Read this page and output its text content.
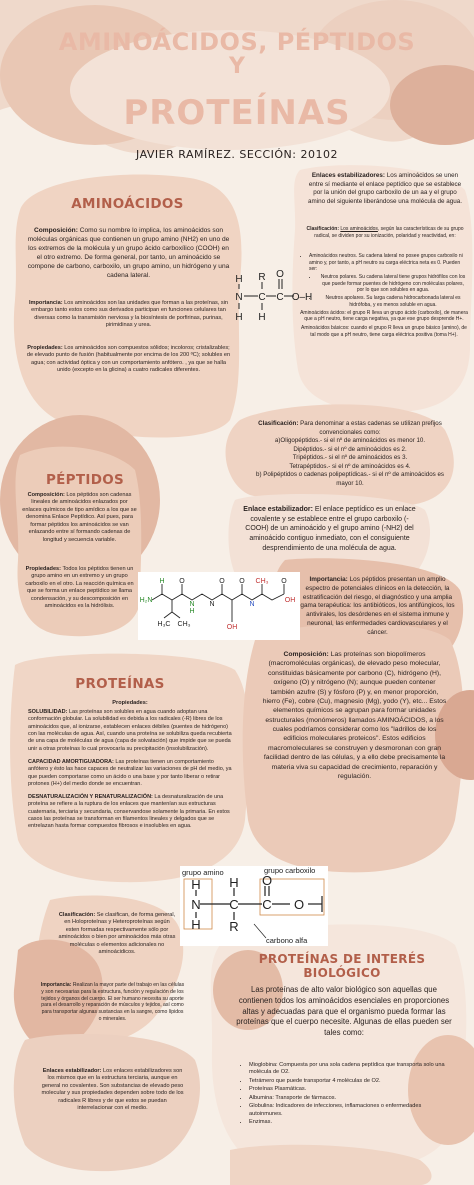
AMINOÁCIDOS, PÉPTIDOS
Y
PROTEÍNAS
JAVIER RAMÍREZ. SECCIÓN: 20102
AMINOÁCIDOS
Composición: Como su nombre lo implica, los aminoácidos son moléculas orgánicas que contienen un grupo amino (NH2) en uno de los extremos de la molécula y un grupo ácido carboxílico (COOH) en el otro extremo. De forma general, por tanto, un aminoácido se compone de carbono, carboxilo, un grupo amino, un hidrógeno y una cadena lateral.
Importancia: Los aminoácidos son las unidades que forman a las proteínas, sin embargo tanto estos como sus derivados participan en funciones celulares tan diversas como la transmisión nerviosa y la biosíntesis de porfirinas, purinas, pirimidinas y urea.
Propiedades: Los aminoácidos son compuestos sólidos; incoloros; cristalizables; de elevado punto de fusión (habitualmente por encima de los 200 ºC); solubles en agua; con actividad óptica y con un comportamiento anfótero. , ya que se halla unido (excepto en la glicina) a cuatro radicales diferentes.
H
N
H
C
R
H
C
O
O–H
Enlaces estabilizadores: Los aminoácidos se unen entre sí mediante el enlace peptídico que se establece por la unión del grupo carboxilo de un aa y el grupo amino del siguiente liberándose una molécula de agua.
Clasificación: Los aminoácidos, según las características de su grupo radical, se dividen por su ionización, polaridad y reactividad, en:
• Aminoácidos neutros. Su cadena lateral no posee grupos carboxilo ni amino y, por tanto, a pH neutro su carga eléctrica neta es 0. Pueden ser:
• Neutros polares. Su cadena lateral tiene grupos hidrófilos con los que puede formar puentes de hidrógeno con moléculas polares, por lo que son solubles en agua.
• Neutros apolares. Su larga cadena hidrocarbonada lateral es hidrófoba, y es menos soluble en agua.
Aminoácidos ácidos: el grupo R lleva un grupo ácido (carboxilo), de manera que a pH neutro, tiene carga negativa, ya que ese grupo desprende H+.
Aminoácidos básicos: cuando el grupo R lleva un grupo básico (amino), de tal modo que a pH neutro, tiene carga eléctrica positiva (toma H+).
Clasificación: Para denominar a estas cadenas se utilizan prefijos convencionales como:
a)Oligopéptidos.- si el nº de aminoácidos es menor 10.
Dipéptidos.- si el nº de aminoácidos es 2.
Tripéptidos.- si el nº de aminoácidos es 3.
Tetrapéptidos.- si el nº de aminoácidos es 4.
b) Polipéptidos o cadenas polipeptídicas.- si el nº de aminoácidos es mayor 10.
PÉPTIDOS
Composición: Los péptidos son cadenas lineales de aminoácidos enlazados por enlaces químicos de tipo amídico a los que se denomina Enlace Peptídico. Así pues, para formar péptidos los aminoácidos se van enlazando entre sí formando cadenas de longitud y secuencia variable.
Enlace estabilizador: El enlace peptídico es un enlace covalente y se establece entre el grupo carboxilo (-COOH) de un aminoácido y el grupo amino (-NH2) del aminoácido contiguo inmediato, con el consiguiente desprendimiento de una molécula de agua.
Propiedades: Todos los péptidos tienen un grupo amino en un extremo y un grupo carboxilo en el otro. La reacción química en que se forma un enlace peptídico se llama condensación, y su descomposición en aminoácidos es la hidrólisis.
H₂N
H O
N
H
O
N
OH
O
N
CH₃ O
OH
H₃C CH₃
Importancia: Los péptidos presentan un amplio espectro de potenciales clínicos en la detección, la estratificación del riesgo, el diagnóstico y una amplia gama terapéutica: los antibióticos, los antifúngicos, los antivirales, los desórdenes en el sistema inmune y neuronal, las enfermedades cardiovasculares y el cáncer.
PROTEÍNAS
Propiedades:
SOLUBILIDAD: Las proteínas son solubles en agua cuando adoptan una conformación globular. La solubilidad es debida a los radicales (-R) libres de los aminoácidos que, al ionizarse, establecen enlaces débiles (puentes de hidrógeno) con las moléculas de agua. Así, cuando una proteína se solubiliza queda recubierta de una capa de moléculas de agua (capa de solvatación) que impide que se pueda unir a otras proteínas lo cual provocaría su precipitación (insolubilización).
CAPACIDAD AMORTIGUADORA: Las proteínas tienen un comportamiento anfótero y ésto las hace capaces de neutralizar las variaciones de pH del medio, ya que pueden comportarse como un ácido o una base y por tanto liberar o retirar protones (H+) del medio donde se encuentran.
DESNATURALIZACIÓN Y RENATURALIZACIÓN: La desnaturalización de una proteína se refiere a la ruptura de los enlaces que mantenían sus estructuras cuaternaria, terciaria y secundaria, conservandose solamente la primaria. En estos casos las proteínas se transforman en filamentos lineales y delgados que se entrelazan hasta formar compuestos fibrosos e insolubles en agua.
Composición: Las proteínas son biopolímeros (macromoléculas orgánicas), de elevado peso molecular, constituidas básicamente por carbono (C), hidrógeno (H), oxígeno (O) y nitrógeno (N); aunque pueden contener también azufre (S) y fósforo (P) y, en menor proporción, hierro (Fe), cobre (Cu), magnesio (Mg), yodo (Y), etc... Estos elementos químicos se agrupan para formar unidades estructurales (monómeros) llamados AMINOÁCIDOS, a los cuales podríamos considerar como los "ladrillos de los edificios moleculares proteicos". Estos edificios macromoleculares se construyen y desmoronan con gran facilidad dentro de las células, y a ello debe precisamente la materia viva su capacidad de crecimiento, reparación y regulación.
grupo amino	grupo carboxilo
carbono alfa
H
N
H
C
H
R
C
O
O
Clasificación: Se clasifican, de forma general, en Holoproteínas y Heteroproteínas según esten formadas respectivamente sólo por aminoácidos o bien por aminoácidos más otras moléculas o elementos adicionales no aminoácidicos.
Importancia: Realizan la mayor parte del trabajo en las células y son necesarias para la estructura, función y regulación de los tejidos y órganos del cuerpo. El ser humano necesita su aporte para el desarrollo y reparación de músculos y tejidos, así como para transportar algunas sustancias en la sangre, como lípidos o minerales.
Enlaces estabilizador: Los enlaces estabilizadores son los mismos que en la estructura terciaria, aunque en general no covalentes. Son substancias de elevado peso molecular y sus propiedades dependen sobre todo de los radicales R libres y de que estos se puedan interrelacionar con el medio.
PROTEÍNAS DE INTERÉS BIOLÓGICO
Las proteínas de alto valor biológico son aquellas que contienen todos los aminoácidos esenciales en proporciones altas y adecuadas para que el organismo pueda formar las proteínas que el cuerpo necesite. Algunas de ellas pueden ser tales como:
• Mioglobina: Compuesta por una sola cadena peptídica que transporta solo una molécula de O2.
• Tetrámero que puede transportar 4 moléculas de O2.
• Proteínas Plasmáticas.
• Albumina: Transporte de fármacos.
• Globulina: Indicadores de infecciones, inflamaciones o enfermedades autoinmunes.
• Enzimas.
